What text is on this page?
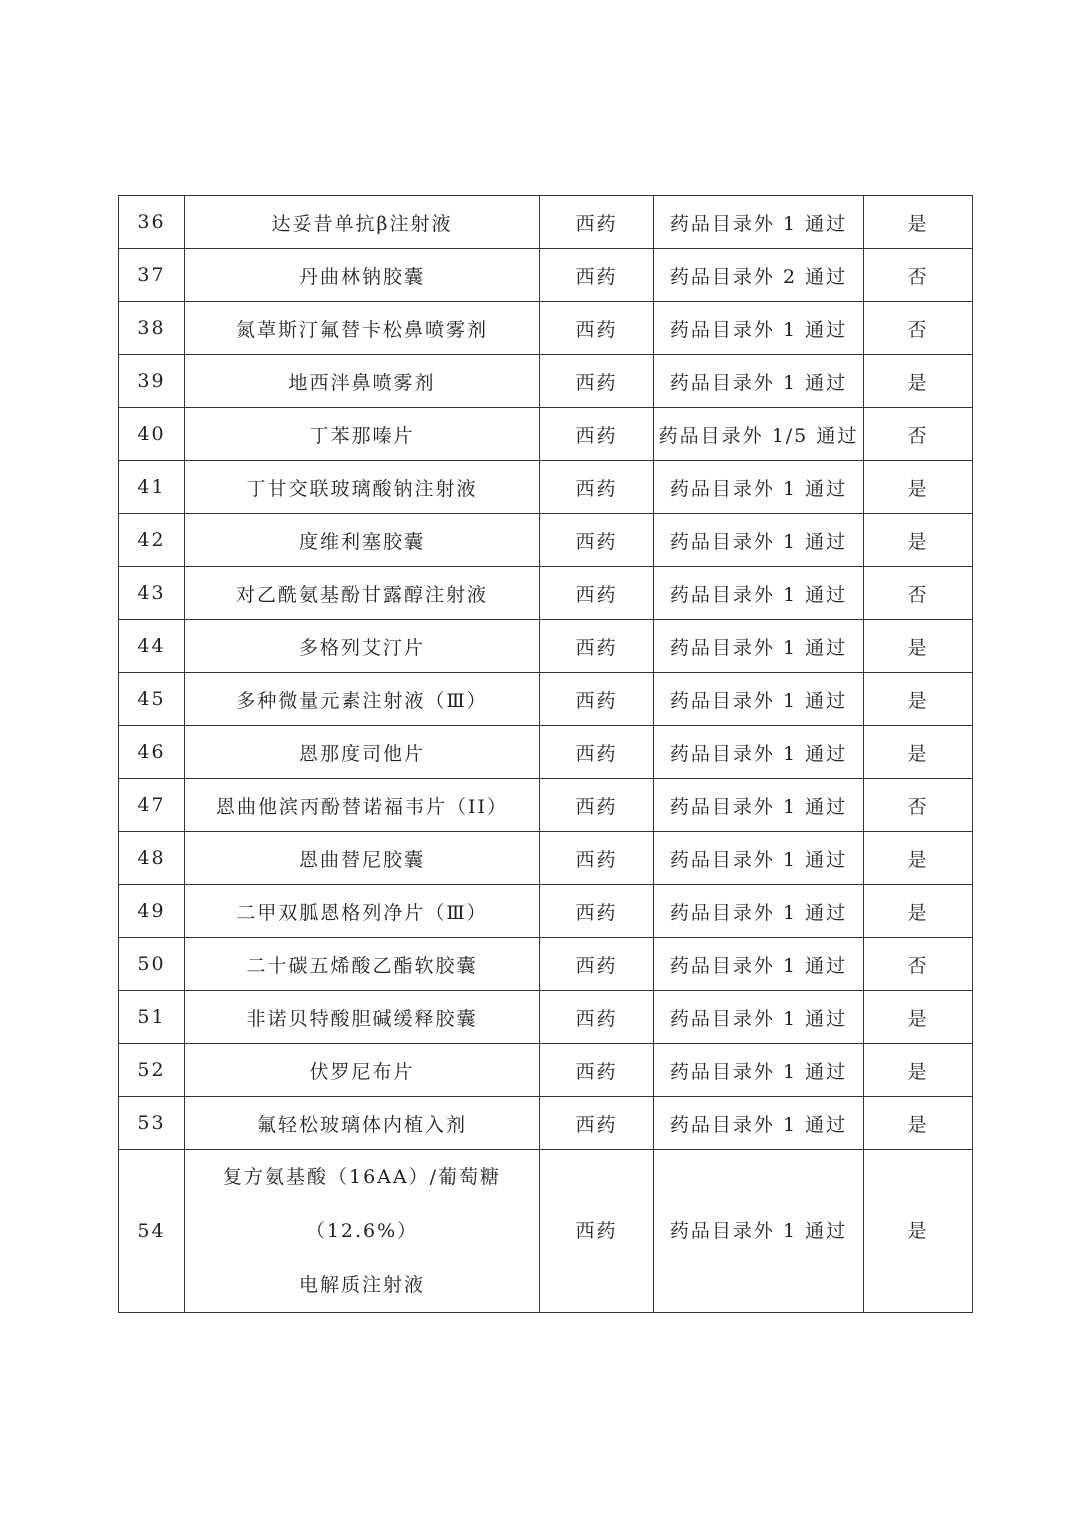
36	达妥昔单抗β注射液	西药	药品目录外 1 通过	是
37	丹曲林钠胶囊	西药	药品目录外 2 通过	否
38	氮䓬斯汀氟替卡松鼻喷雾剂	西药	药品目录外 1 通过	否
39	地西泮鼻喷雾剂	西药	药品目录外 1 通过	是
40	丁苯那嗪片	西药	药品目录外 1/5 通过	否
41	丁甘交联玻璃酸钠注射液	西药	药品目录外 1 通过	是
42	度维利塞胶囊	西药	药品目录外 1 通过	是
43	对乙酰氨基酚甘露醇注射液	西药	药品目录外 1 通过	否
44	多格列艾汀片	西药	药品目录外 1 通过	是
45	多种微量元素注射液（Ⅲ）	西药	药品目录外 1 通过	是
46	恩那度司他片	西药	药品目录外 1 通过	是
47	恩曲他滨丙酚替诺福韦片（II）	西药	药品目录外 1 通过	否
48	恩曲替尼胶囊	西药	药品目录外 1 通过	是
49	二甲双胍恩格列净片（Ⅲ）	西药	药品目录外 1 通过	是
50	二十碳五烯酸乙酯软胶囊	西药	药品目录外 1 通过	否
51	非诺贝特酸胆碱缓释胶囊	西药	药品目录外 1 通过	是
52	伏罗尼布片	西药	药品目录外 1 通过	是
53	氟轻松玻璃体内植入剂	西药	药品目录外 1 通过	是
54	复方氨基酸（16AA）/葡萄糖（12.6%）
电解质注射液	西药	药品目录外 1 通过	是
